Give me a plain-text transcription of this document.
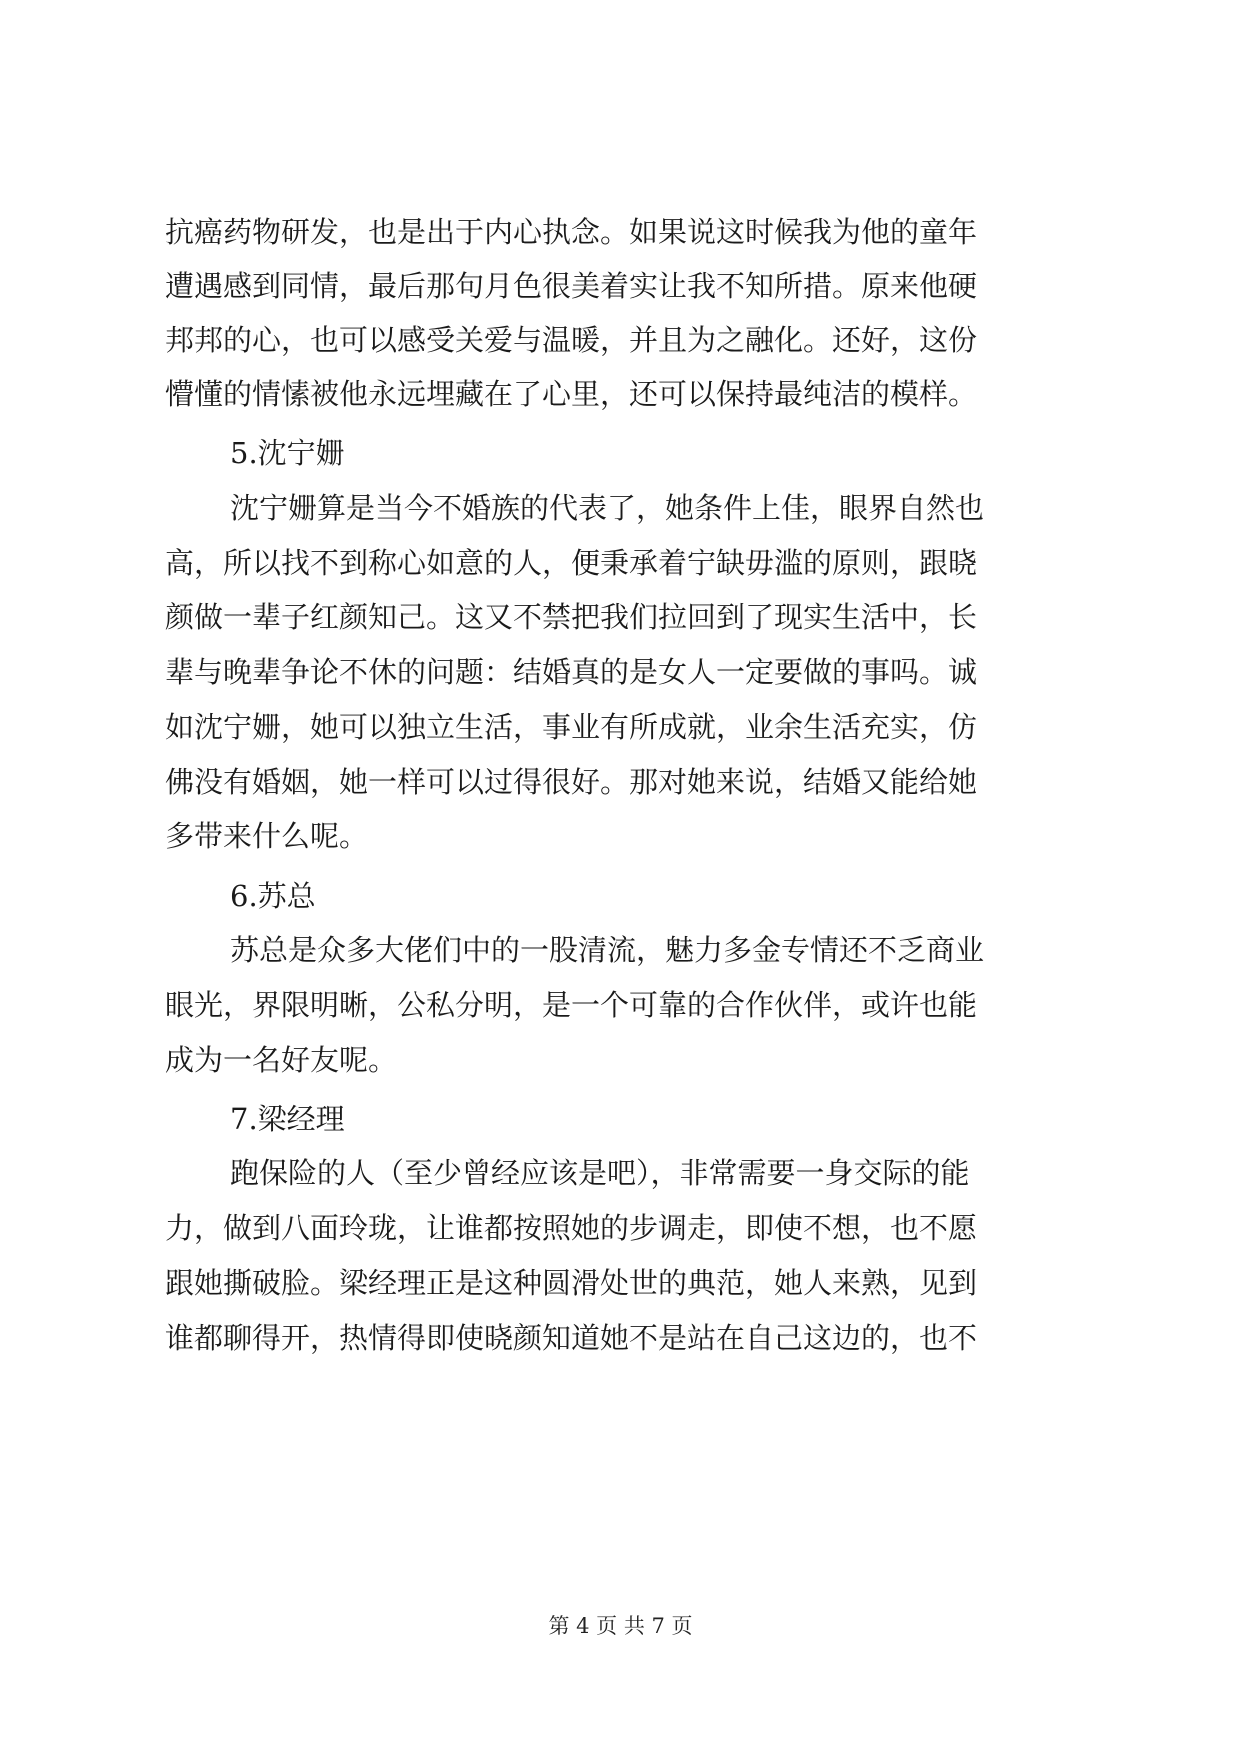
抗癌药物研发，也是出于内心执念。如果说这时候我为他的童年
遭遇感到同情，最后那句月色很美着实让我不知所措。原来他硬
邦邦的心，也可以感受关爱与温暖，并且为之融化。还好，这份
懵懂的情愫被他永远埋藏在了心里，还可以保持最纯洁的模样。
5.沈宁姗
沈宁姗算是当今不婚族的代表了，她条件上佳，眼界自然也
高，所以找不到称心如意的人，便秉承着宁缺毋滥的原则，跟晓
颜做一辈子红颜知己。这又不禁把我们拉回到了现实生活中，长
辈与晚辈争论不休的问题：结婚真的是女人一定要做的事吗。诚
如沈宁姗，她可以独立生活，事业有所成就，业余生活充实，仿
佛没有婚姻，她一样可以过得很好。那对她来说，结婚又能给她
多带来什么呢。
6.苏总
苏总是众多大佬们中的一股清流，魅力多金专情还不乏商业
眼光，界限明晰，公私分明，是一个可靠的合作伙伴，或许也能
成为一名好友呢。
7.梁经理
跑保险的人（至少曾经应该是吧），非常需要一身交际的能
力，做到八面玲珑，让谁都按照她的步调走，即使不想，也不愿
跟她撕破脸。梁经理正是这种圆滑处世的典范，她人来熟，见到
谁都聊得开，热情得即使晓颜知道她不是站在自己这边的，也不
第 4 页 共 7 页
